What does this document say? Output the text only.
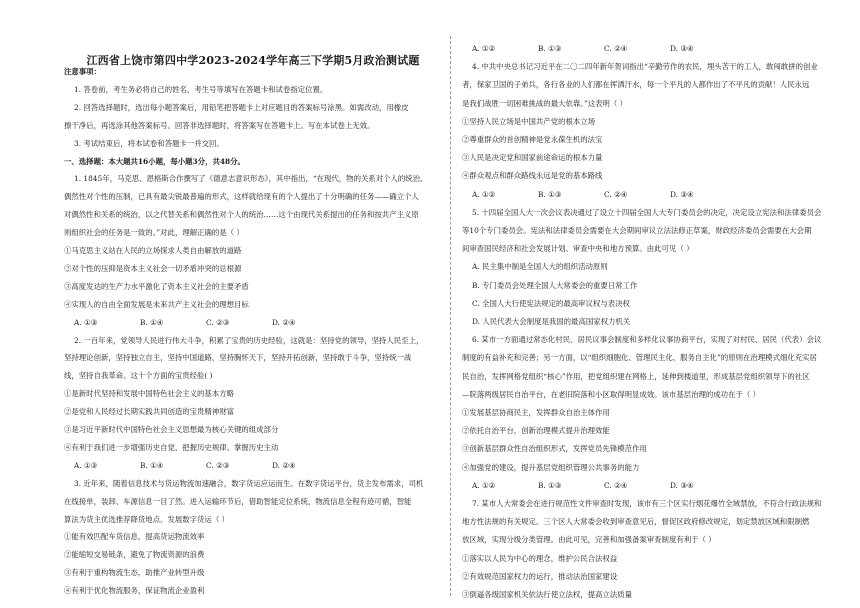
江西省上饶市第四中学2023-2024学年高三下学期5月政治测试题
注意事项：
1. 答卷前，考生务必将自己的姓名、考生号等填写在答题卡和试卷指定位置。
2. 回答选择题时，选出每小题答案后，用铅笔把答题卡上对应题目的答案标号涂黑。如需改动，用橡皮
擦干净后，再选涂其他答案标号。回答非选择题时，将答案写在答题卡上。写在本试卷上无效。
3. 考试结束后，将本试卷和答题卡一并交回。
一、选择题：本大题共16小题，每小题3分，共48分。
1. 1845年，马克思、恩格斯合作撰写了《德意志意识形态》，其中指出，“在现代，物的关系对个人的统治、
偶然性对个性的压制，已具有最尖锐最普遍的形式，这样就给现有的个人提出了十分明确的任务——确立个人
对偶然性和关系的统治，以之代替关系和偶然性对个人的统治……这个由现代关系提出的任务和按共产主义原
则组织社会的任务是一致的。”对此，理解正确的是（ ）
①马克思主义站在人民的立场探求人类自由解放的道路
②对个性的压抑是资本主义社会一切矛盾冲突的总根源
③高度发达的生产力水平激化了资本主义社会的主要矛盾
④实现人的自由全面发展是未来共产主义社会的理想目标
A. ①③	B. ①④	C. ②③	D. ②④
2. 一百年来，党领导人民进行伟大斗争，积累了宝贵的历史经验，这就是：坚持党的领导，坚持人民至上，
坚持理论创新，坚持独立自主，坚持中国道路，坚持胸怀天下，坚持开拓创新，坚持敢于斗争，坚持统一战
线，坚持自我革命。这十个方面的宝贵经验( )
①是新时代坚持和发展中国特色社会主义的基本方略
②是党和人民经过长期实践共同创造的宝贵精神财富
③是习近平新时代中国特色社会主义思想最为核心关键的组成部分
④有利于我们进一步增强历史自觉、把握历史规律、掌握历史主动
A. ①③	B. ①④	C. ②③	D. ②④
3. 近年来，随着信息技术与货运物流加速融合，数字货运应运而生。在数字货运平台，货主发布需求，司机
在线接单，装卸、车源信息一目了然。进入运输环节后，借助智能定位系统，物流信息全程有迹可循，智能
算法为货主优选推荐降货地点。发展数字货运（ ）
①能有效匹配车货信息，提高货运物流效率
②能缩短交易链条，避免了物流资源的浪费
③有利于重构物流生态，助推产业转型升级
④有利于优化物流服务，保证物流企业盈利
A. ①②	B. ①③	C. ②④	D. ③④
4. 中共中央总书记习近平在二〇二四年新年贺词指出“辛勤劳作的农民，埋头苦干的工人，敢闯敢拼的创业
者，保家卫国的子弟兵，各行各业的人们都在挥洒汗水，每一个平凡的人都作出了不平凡的贡献！人民永远
是我们战胜一切困难挑战的最大依靠。”这表明（ ）
①坚持人民立场是中国共产党的根本立场
②尊重群众的首创精神是党永葆生机的法宝
③人民是决定党和国家前途命运的根本力量
④群众观点和群众路线永远是党的基本路线
A. ①②	B. ①③	C. ②④	D. ③④
5. 十四届全国人大一次会议表决通过了设立十四届全国人大专门委员会的决定，决定设立宪法和法律委员会
等10个专门委员会。宪法和法律委员会需要在大会期间审议立法法修正草案，财政经济委员会需要在大会期
间审查国民经济和社会发展计划、审查中央和地方预算。由此可见（ ）
A. 民主集中制是全国人大的组织活动原则
B. 专门委员会处理全国人大常委会的重要日常工作
C. 全国人大行使宪法规定的最高审议权与表决权
D. 人民代表大会制度是我国的最高国家权力机关
6. 某市一方面通过常态化村民、居民议事会制度和多样化议事协商平台，实现了对村民、居民（代表）会议
制度的有益补充和完善；另一方面，以“组织细胞化、管理民主化、服务自主化”的原则在治理模式细化充实居
民自治，发挥网格党组织“核心”作用，把党组织建在网格上，延伸到楼道里，形成基层党组织领导下的社区
—院落两级居民自治平台，在老旧院落和小区取得明显成效。该市基层治理的成功在于（ ）
①发展基层协商民主，发挥群众自治主体作用
②依托自治平台，创新治理模式提升治理效能
③创新基层群众性自治组织形式，发挥党员先锋模范作用
④加强党的建设，提升基层党组织管理公共事务的能力
A. ①②	B. ①③	C. ②④	D. ③④
7. 某市人大常委会在进行规范性文件审查时发现，该市有三个区实行烟花爆竹全域禁放，不符合行政法规和
地方性法规的有关规定。三个区人大常委会收到审查意见后，督促区政府修改规定，划定禁放区域和限制燃
放区域，实现分级分类管理。由此可见，完善和加强备案审查制度有利于（ ）
①落实以人民为中心的理念，维护公民合法权益
②有效规范国家权力的运行，推动法治国家建设
③倒逼各级国家机关依法行使立法权，提高立法质量
